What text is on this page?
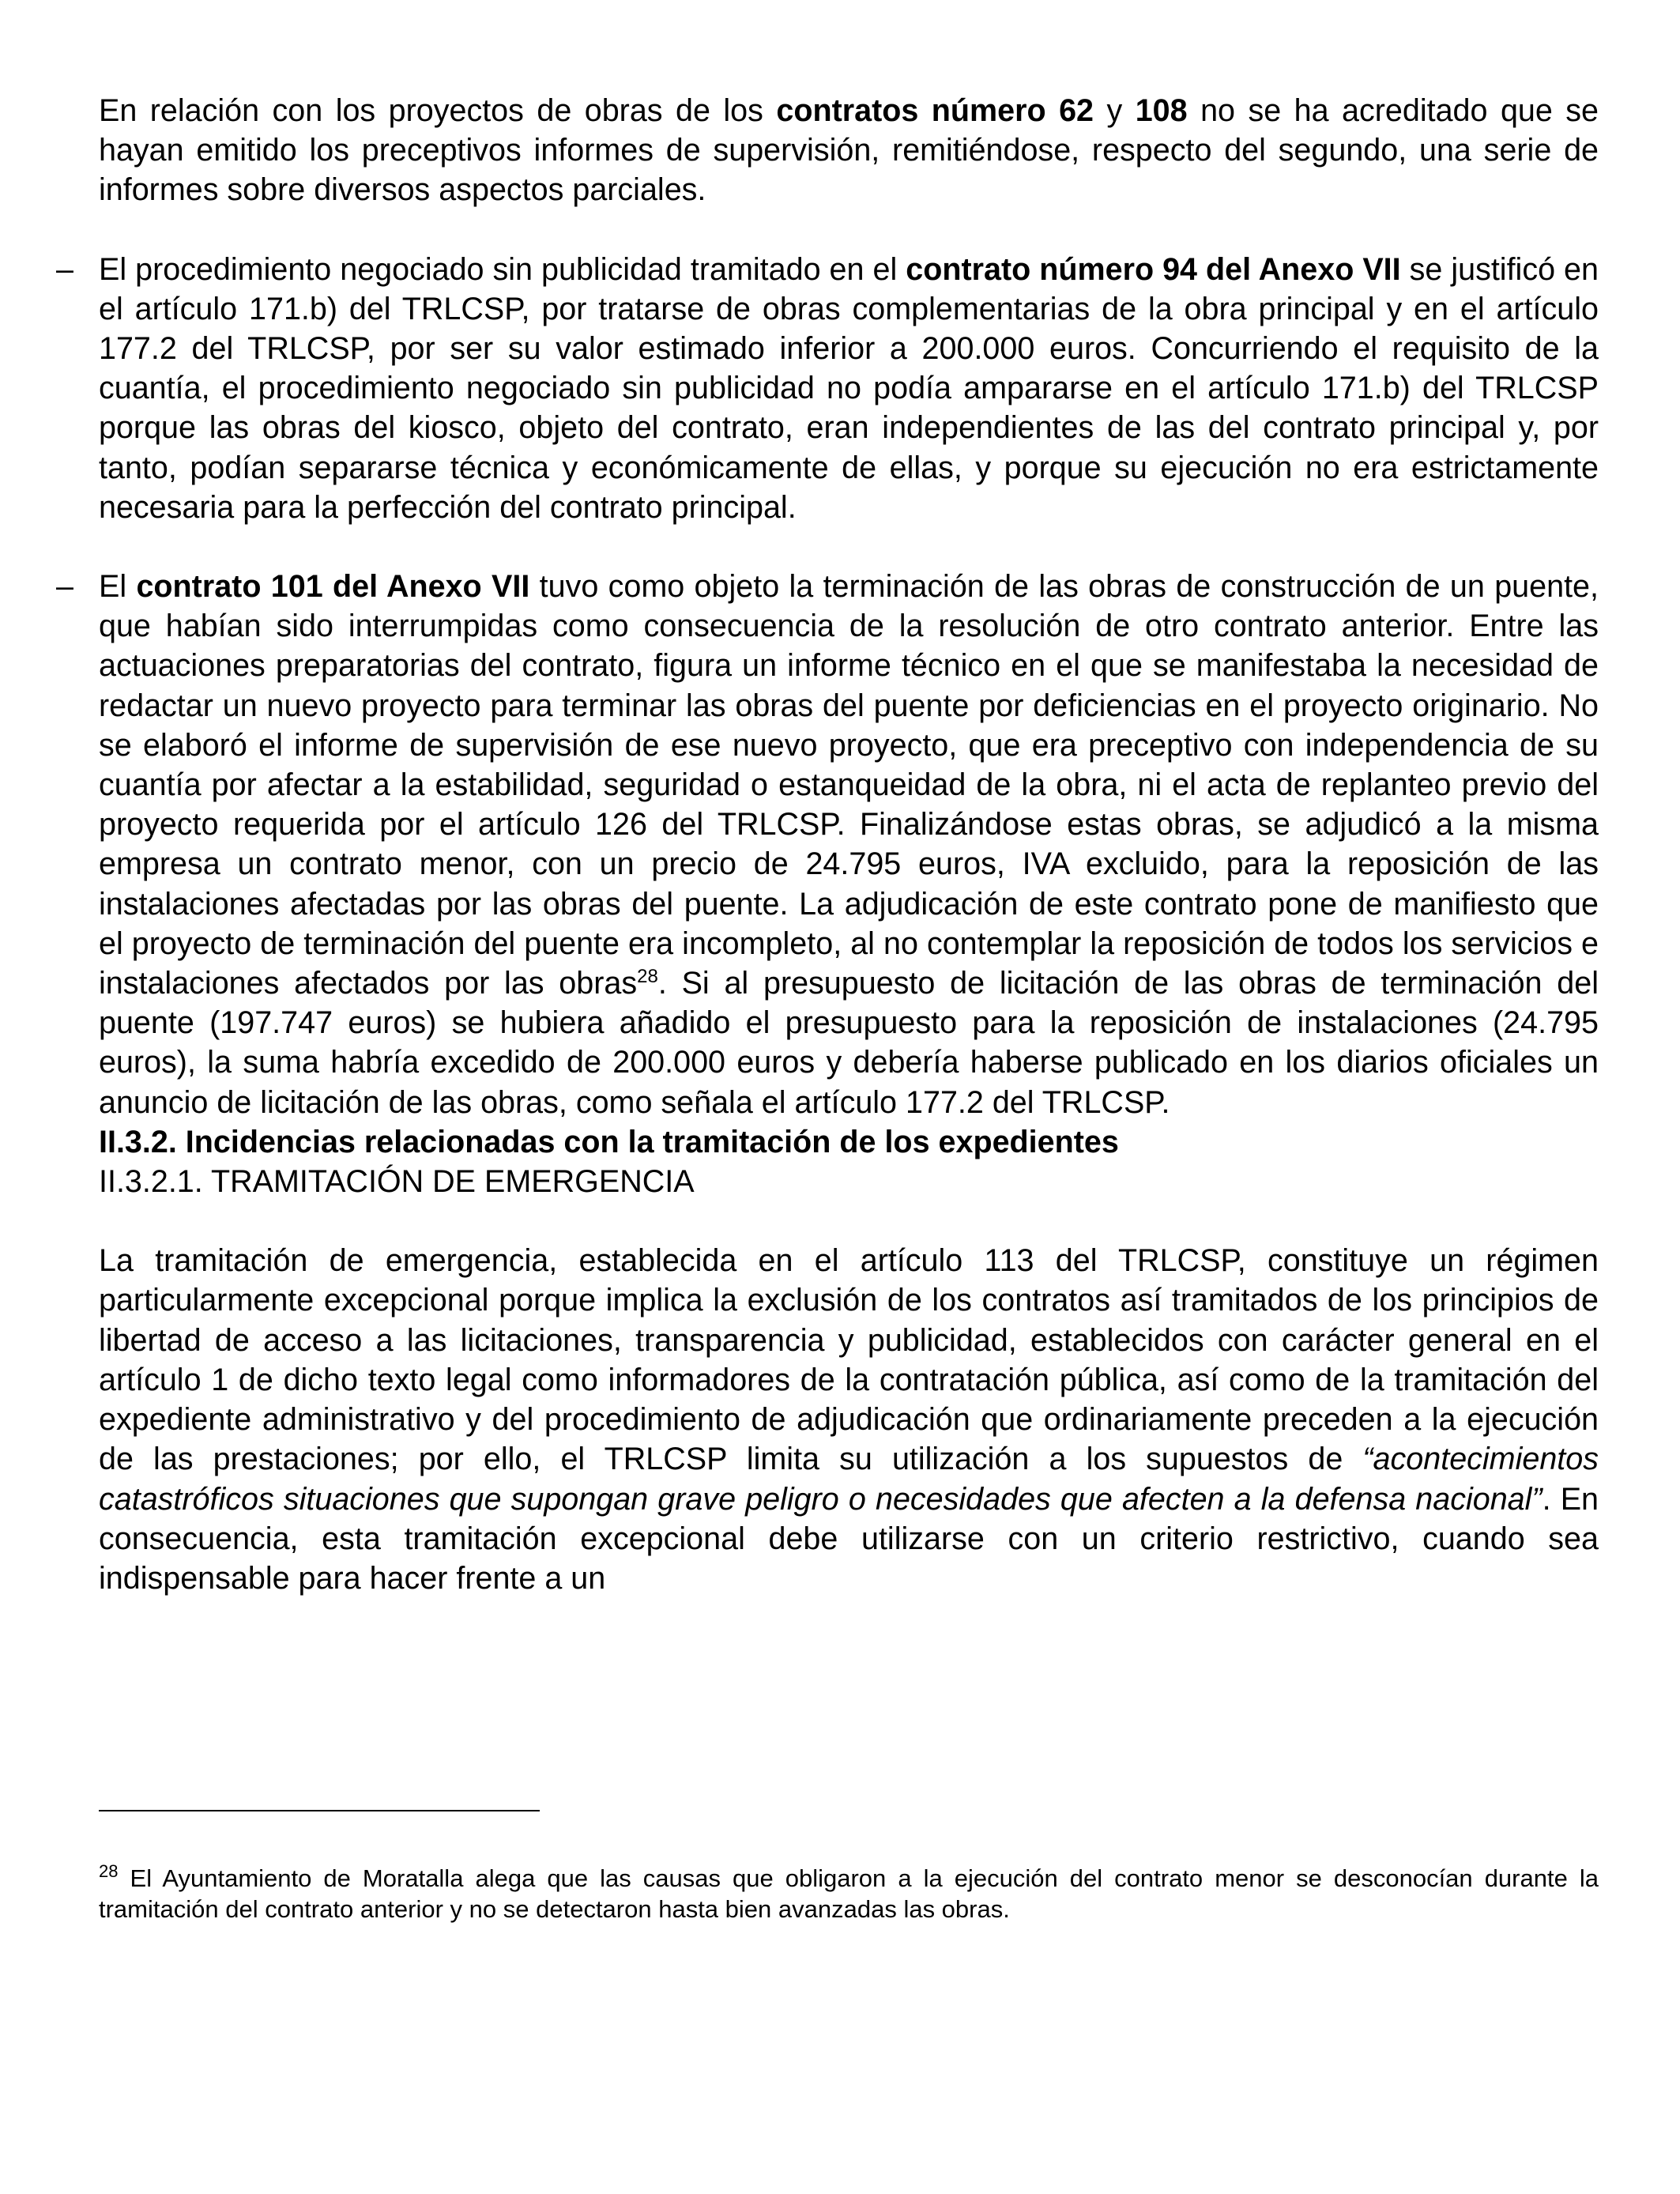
En relación con los proyectos de obras de los contratos número 62 y 108 no se ha acreditado que se hayan emitido los preceptivos informes de supervisión, remitiéndose, respecto del segundo, una serie de informes sobre diversos aspectos parciales.

– El procedimiento negociado sin publicidad tramitado en el contrato número 94 del Anexo VII se justificó en el artículo 171.b) del TRLCSP, por tratarse de obras complementarias de la obra principal y en el artículo 177.2 del TRLCSP, por ser su valor estimado inferior a 200.000 euros. Concurriendo el requisito de la cuantía, el procedimiento negociado sin publicidad no podía ampararse en el artículo 171.b) del TRLCSP porque las obras del kiosco, objeto del contrato, eran independientes de las del contrato principal y, por tanto, podían separarse técnica y económicamente de ellas, y porque su ejecución no era estrictamente necesaria para la perfección del contrato principal.

– El contrato 101 del Anexo VII tuvo como objeto la terminación de las obras de construcción de un puente, que habían sido interrumpidas como consecuencia de la resolución de otro contrato anterior. Entre las actuaciones preparatorias del contrato, figura un informe técnico en el que se manifestaba la necesidad de redactar un nuevo proyecto para terminar las obras del puente por deficiencias en el proyecto originario. No se elaboró el informe de supervisión de ese nuevo proyecto, que era preceptivo con independencia de su cuantía por afectar a la estabilidad, seguridad o estanqueidad de la obra, ni el acta de replanteo previo del proyecto requerida por el artículo 126 del TRLCSP. Finalizándose estas obras, se adjudicó a la misma empresa un contrato menor, con un precio de 24.795 euros, IVA excluido, para la reposición de las instalaciones afectadas por las obras del puente. La adjudicación de este contrato pone de manifiesto que el proyecto de terminación del puente era incompleto, al no contemplar la reposición de todos los servicios e instalaciones afectados por las obras$^{28}$. Si al presupuesto de licitación de las obras de terminación del puente (197.747 euros) se hubiera añadido el presupuesto para la reposición de instalaciones (24.795 euros), la suma habría excedido de 200.000 euros y debería haberse publicado en los diarios oficiales un anuncio de licitación de las obras, como señala el artículo 177.2 del TRLCSP.

II.3.2. Incidencias relacionadas con la tramitación de los expedientes

II.3.2.1. TRAMITACIÓN DE EMERGENCIA

La tramitación de emergencia, establecida en el artículo 113 del TRLCSP, constituye un régimen particularmente excepcional porque implica la exclusión de los contratos así tramitados de los principios de libertad de acceso a las licitaciones, transparencia y publicidad, establecidos con carácter general en el artículo 1 de dicho texto legal como informadores de la contratación pública, así como de la tramitación del expediente administrativo y del procedimiento de adjudicación que ordinariamente preceden a la ejecución de las prestaciones; por ello, el TRLCSP limita su utilización a los supuestos de “acontecimientos catastróficos situaciones que supongan grave peligro o necesidades que afecten a la defensa nacional”. En consecuencia, esta tramitación excepcional debe utilizarse con un criterio restrictivo, cuando sea indispensable para hacer frente a un

$^{28}$ El Ayuntamiento de Moratalla alega que las causas que obligaron a la ejecución del contrato menor se desconocían durante la tramitación del contrato anterior y no se detectaron hasta bien avanzadas las obras.
